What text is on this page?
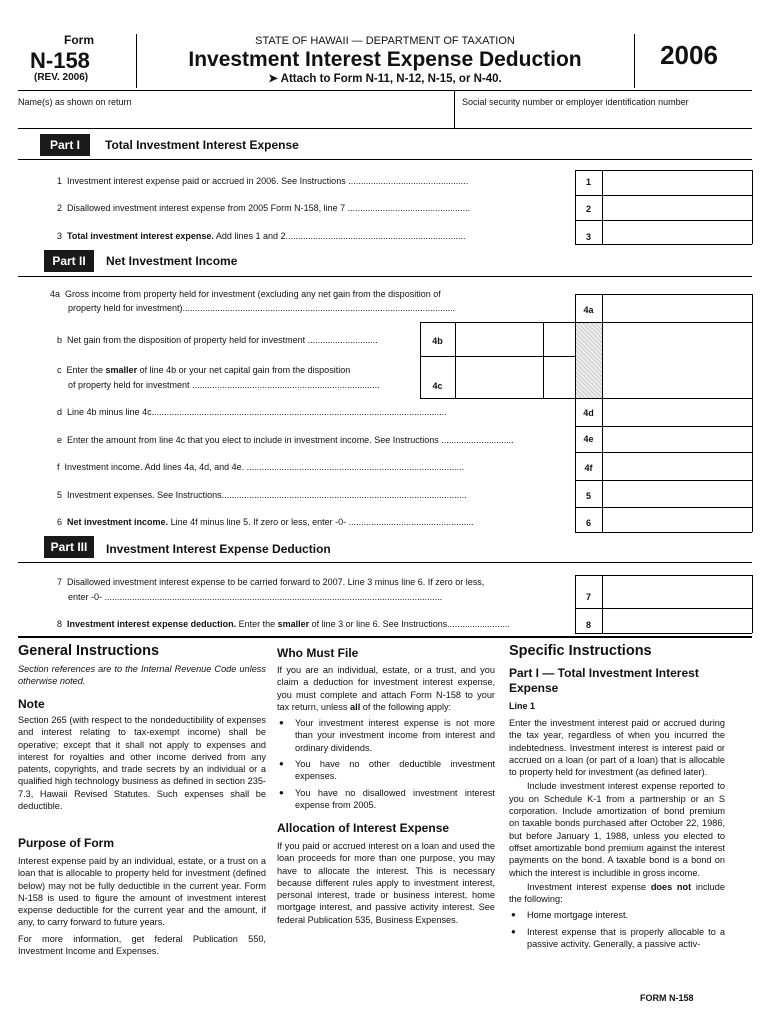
Form
N-158
(REV. 2006)
STATE OF HAWAII — DEPARTMENT OF TAXATION
Investment Interest Expense Deduction
➤ Attach to Form N-11, N-12, N-15, or N-40.
2006
Name(s) as shown on return	Social security number or employer identification number
Part I	Total Investment Interest Expense
1 Investment interest expense paid or accrued in 2006. See Instructions ................................................	1
2 Disallowed investment interest expense from 2005 Form N-158, line 7 .................................................	2
3 Total investment interest expense. Add lines 1 and 2........................................................................	3
Part II	Net Investment Income
4a Gross income from property held for investment (excluding any net gain from the disposition of
property held for investment).............................................................................................................	4a
b Net gain from the disposition of property held for investment ............................	4b
c Enter the smaller of line 4b or your net capital gain from the disposition
of property held for investment ...........................................................................	4c
d Line 4b minus line 4c......................................................................................................................	4d
e Enter the amount from line 4c that you elect to include in investment income. See Instructions .............................	4e
f Investment income. Add lines 4a, 4d, and 4e. .......................................................................................	4f
5 Investment expenses. See Instructions..................................................................................................	5
6 Net investment income. Line 4f minus line 5. If zero or less, enter -0- ..................................................	6
Part III	Investment Interest Expense Deduction
7 Disallowed investment interest expense to be carried forward to 2007. Line 3 minus line 6. If zero or less,
enter -0- .......................................................................................................................................	7
8 Investment interest expense deduction. Enter the smaller of line 3 or line 6. See Instructions.........................	8
General Instructions
Section references are to the Internal Revenue Code unless otherwise noted.
Note
Section 265 (with respect to the nondeductibility of expenses and interest relating to tax-exempt income) shall be operative; except that it shall not apply to expenses and interest for royalties and other income derived from any patents, copyrights, and trade secrets by an individual or a qualified high technology business as defined in section 235-7.3, Hawaii Revised Statutes. Such expenses shall be deductible.
Purpose of Form

Interest expense paid by an individual, estate, or a trust on a loan that is allocable to property held for investment (defined below) may not be fully deductible in the current year. Form N-158 is used to figure the amount of investment interest expense deductible for the current year and the amount, if any, to carry forward to future years.

For more information, get federal Publication 550, Investment Income and Expenses.

Who Must File

If you are an individual, estate, or a trust, and you claim a deduction for investment interest expense, you must complete and attach Form N-158 to your tax return, unless all of the following apply:

● Your investment interest expense is not more than your investment income from interest and ordinary dividends.

● You have no other deductible investment expenses.

● You have no disallowed investment interest expense from 2005.

Allocation of Interest Expense
If you paid or accrued interest on a loan and used the loan proceeds for more than one purpose, you may have to allocate the interest. This is necessary because different rules apply to investment interest, personal interest, trade or business interest, home mortgage interest, and passive activity interest. See federal Publication 535, Business Expenses.
Specific Instructions
Part I — Total Investment Interest Expense
Line 1

Enter the investment interest paid or accrued during the tax year, regardless of when you incurred the indebtedness. Investment interest is interest paid or accrued on a loan (or part of a loan) that is allocable to property held for investment (as defined later).

Include investment interest expense reported to you on Schedule K-1 from a partnership or an S corporation. Include amortization of bond premium on taxable bonds purchased after October 22, 1986, but before January 1, 1988, unless you elected to offset amortizable bond premium against the interest payments on the bond. A taxable bond is a bond on which the interest is includible in gross income.

Investment interest expense does not include the following:

● Home mortgage interest.

● Interest expense that is properly allocable to a passive activity. Generally, a passive activ-

FORM N-158
